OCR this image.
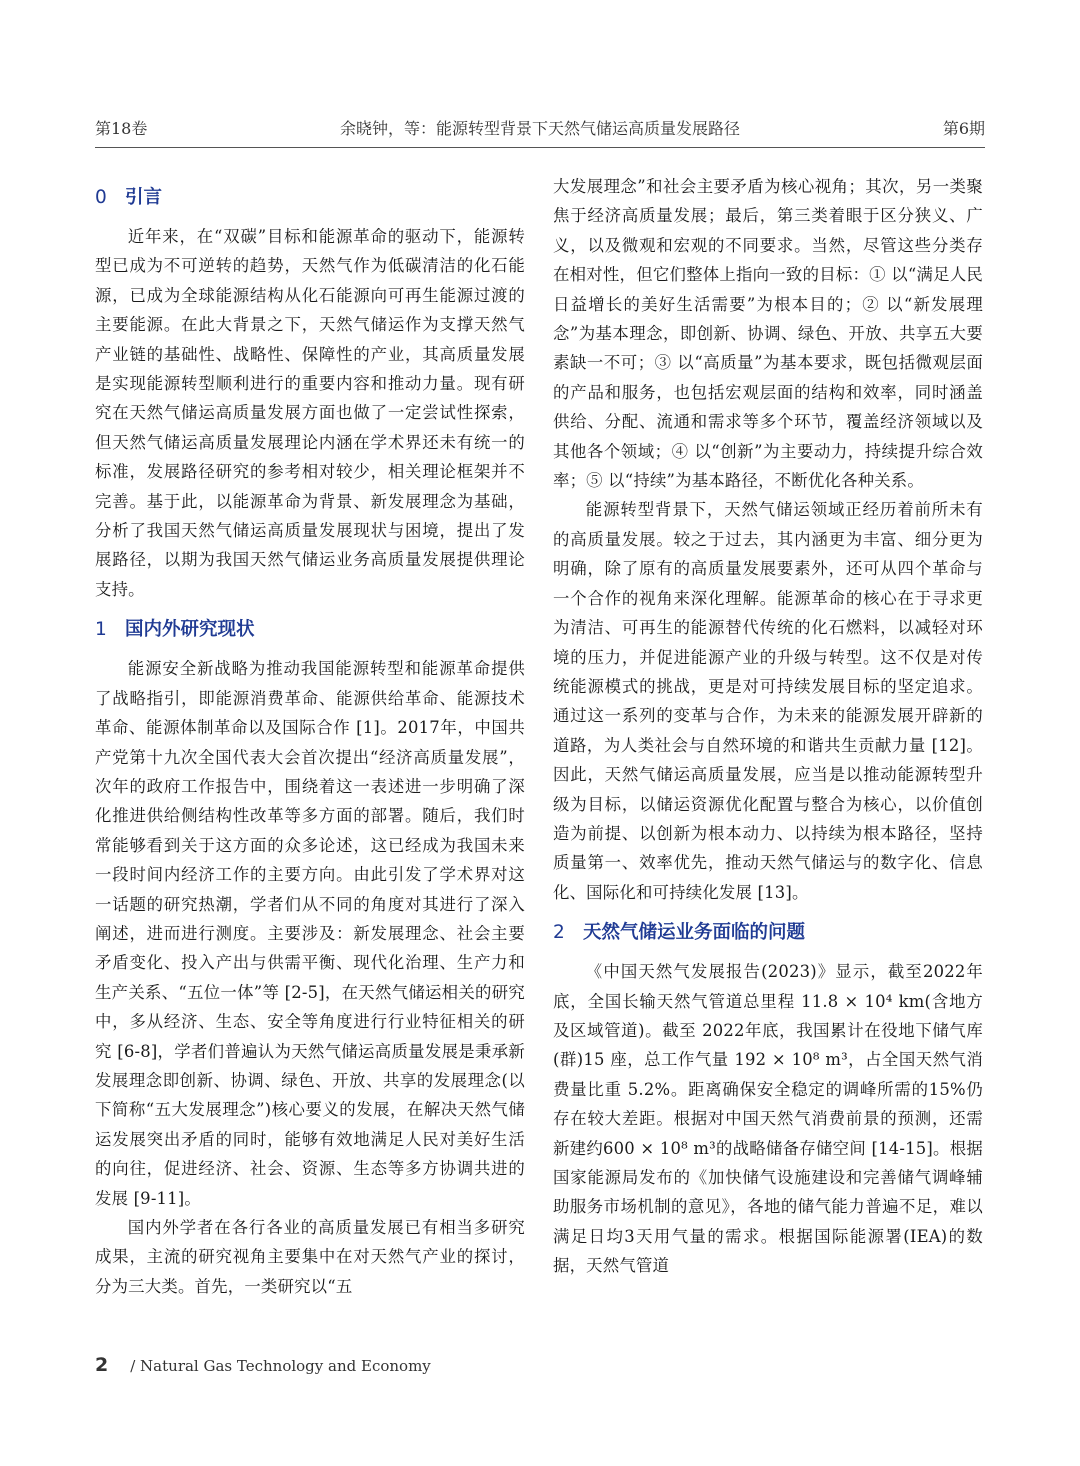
第18卷	余晓钟，等：能源转型背景下天然气储运高质量发展路径	第6期
0 引言

近年来，在“双碳”目标和能源革命的驱动下，能源转型已成为不可逆转的趋势，天然气作为低碳清洁的化石能源，已成为全球能源结构从化石能源向可再生能源过渡的主要能源。在此大背景之下，天然气储运作为支撑天然气产业链的基础性、战略性、保障性的产业，其高质量发展是实现能源转型顺利进行的重要内容和推动力量。现有研究在天然气储运高质量发展方面也做了一定尝试性探索，但天然气储运高质量发展理论内涵在学术界还未有统一的标准，发展路径研究的参考相对较少，相关理论框架并不完善。基于此，以能源革命为背景、新发展理念为基础，分析了我国天然气储运高质量发展现状与困境，提出了发展路径，以期为我国天然气储运业务高质量发展提供理论支持。

1 国内外研究现状

能源安全新战略为推动我国能源转型和能源革命提供了战略指引，即能源消费革命、能源供给革命、能源技术革命、能源体制革命以及国际合作 [1]。2017年，中国共产党第十九次全国代表大会首次提出“经济高质量发展”，次年的政府工作报告中，围绕着这一表述进一步明确了深化推进供给侧结构性改革等多方面的部署。随后，我们时常能够看到关于这方面的众多论述，这已经成为我国未来一段时间内经济工作的主要方向。由此引发了学术界对这一话题的研究热潮，学者们从不同的角度对其进行了深入阐述，进而进行测度。主要涉及：新发展理念、社会主要矛盾变化、投入产出与供需平衡、现代化治理、生产力和生产关系、“五位一体”等 [2-5]，在天然气储运相关的研究中，多从经济、生态、安全等角度进行行业特征相关的研究 [6-8]，学者们普遍认为天然气储运高质量发展是秉承新发展理念即创新、协调、绿色、开放、共享的发展理念(以下简称“五大发展理念”)核心要义的发展，在解决天然气储运发展突出矛盾的同时，能够有效地满足人民对美好生活的向往，促进经济、社会、资源、生态等多方协调共进的发展 [9-11]。

国内外学者在各行各业的高质量发展已有相当多研究成果，主流的研究视角主要集中在对天然气产业的探讨，分为三大类。首先，一类研究以“五

大发展理念”和社会主要矛盾为核心视角；其次，另一类聚焦于经济高质量发展；最后，第三类着眼于区分狭义、广义，以及微观和宏观的不同要求。当然，尽管这些分类存在相对性，但它们整体上指向一致的目标：① 以“满足人民日益增长的美好生活需要”为根本目的；② 以“新发展理念”为基本理念，即创新、协调、绿色、开放、共享五大要素缺一不可；③ 以“高质量”为基本要求，既包括微观层面的产品和服务，也包括宏观层面的结构和效率，同时涵盖供给、分配、流通和需求等多个环节，覆盖经济领域以及其他各个领域；④ 以“创新”为主要动力，持续提升综合效率；⑤ 以“持续”为基本路径，不断优化各种关系。

能源转型背景下，天然气储运领域正经历着前所未有的高质量发展。较之于过去，其内涵更为丰富、细分更为明确，除了原有的高质量发展要素外，还可从四个革命与一个合作的视角来深化理解。能源革命的核心在于寻求更为清洁、可再生的能源替代传统的化石燃料，以减轻对环境的压力，并促进能源产业的升级与转型。这不仅是对传统能源模式的挑战，更是对可持续发展目标的坚定追求。通过这一系列的变革与合作，为未来的能源发展开辟新的道路，为人类社会与自然环境的和谐共生贡献力量 [12]。因此，天然气储运高质量发展，应当是以推动能源转型升级为目标，以储运资源优化配置与整合为核心，以价值创造为前提、以创新为根本动力、以持续为根本路径，坚持质量第一、效率优先，推动天然气储运与的数字化、信息化、国际化和可持续化发展 [13]。

2 天然气储运业务面临的问题

《中国天然气发展报告(2023)》显示，截至2022年底，全国长输天然气管道总里程 11.8 × 10⁴ km(含地方及区域管道)。截至 2022年底，我国累计在役地下储气库(群)15 座，总工作气量 192 × 10⁸ m³，占全国天然气消费量比重 5.2%。距离确保安全稳定的调峰所需的15%仍存在较大差距。根据对中国天然气消费前景的预测，还需新建约600 × 10⁸ m³的战略储备存储空间 [14-15]。根据国家能源局发布的《加快储气设施建设和完善储气调峰辅助服务市场机制的意见》，各地的储气能力普遍不足，难以满足日均3天用气量的需求。根据国际能源署(IEA)的数据，天然气管道

2 / Natural Gas Technology and Economy
